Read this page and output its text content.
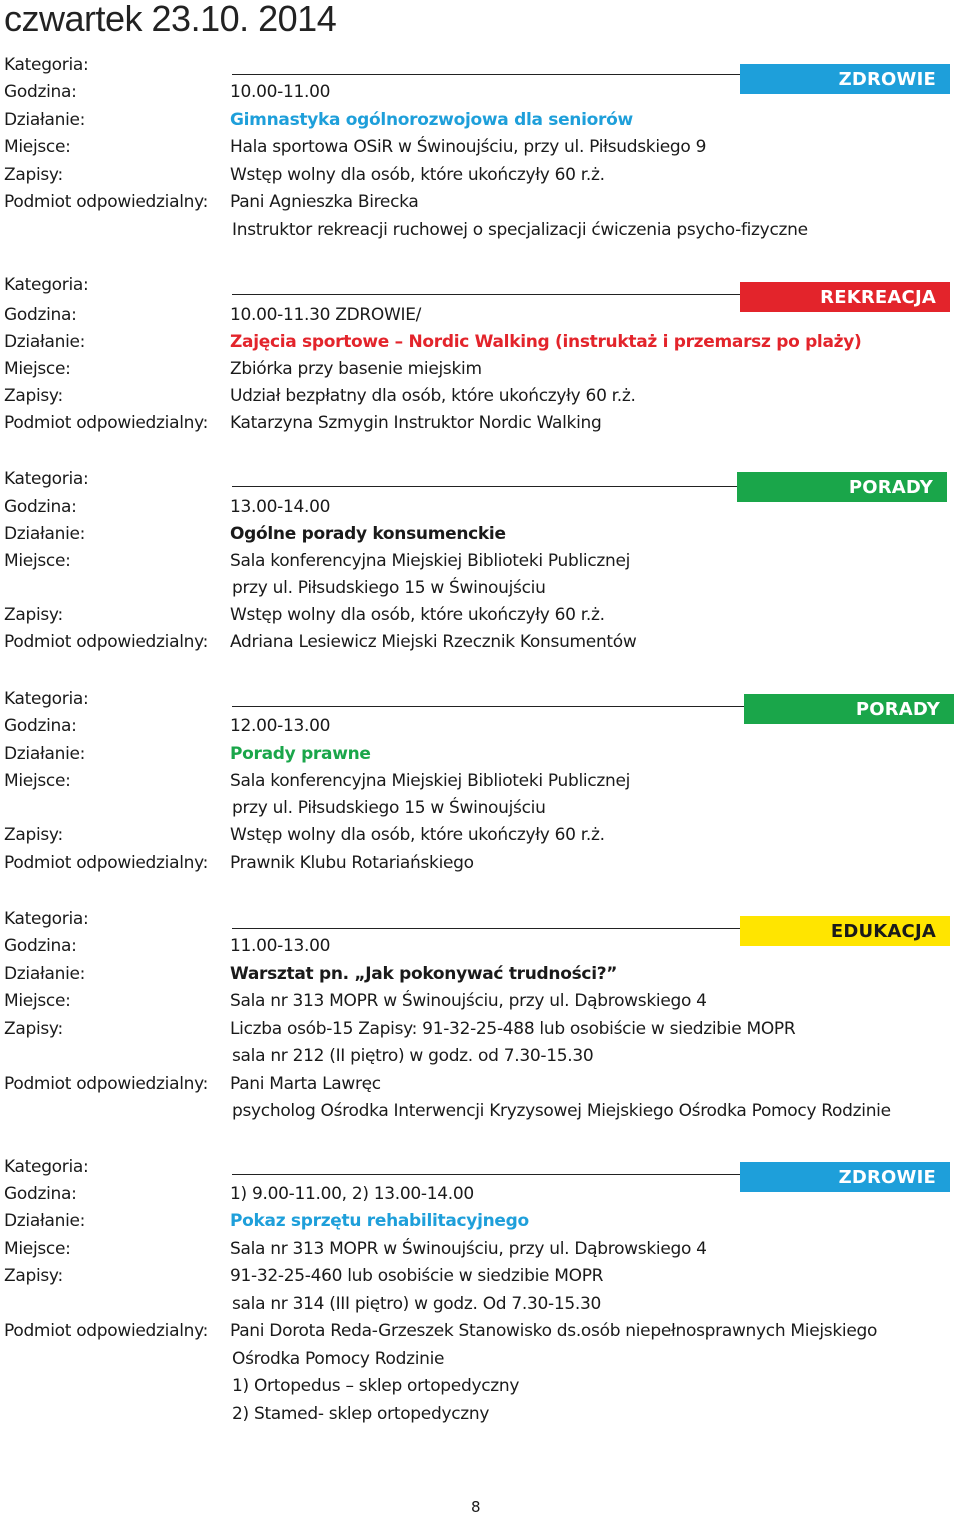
czwartek 23.10. 2014
Kategoria:
ZDROWIE
Godzina:	10.00-11.00
Działanie:	Gimnastyka ogólnorozwojowa dla seniorów
Miejsce:	Hala sportowa OSiR w Świnoujściu, przy ul. Piłsudskiego 9
Zapisy:	Wstęp wolny dla osób, które ukończyły 60 r.ż.
Podmiot odpowiedzialny: Pani Agnieszka Birecka
Instruktor rekreacji ruchowej o specjalizacji ćwiczenia psycho-fizyczne
Kategoria:
REKREACJA
Godzina:	10.00-11.30 ZDROWIE/
Działanie:	Zajęcia sportowe – Nordic Walking (instruktaż i przemarsz po plaży)
Miejsce:	Zbiórka przy basenie miejskim
Zapisy:	Udział bezpłatny dla osób, które ukończyły 60 r.ż.
Podmiot odpowiedzialny: Katarzyna Szmygin Instruktor Nordic Walking
Kategoria:	PORADY
Godzina:	13.00-14.00
Działanie:	Ogólne porady konsumenckie
Miejsce:	Sala konferencyjna Miejskiej Biblioteki Publicznej
przy ul. Piłsudskiego 15 w Świnoujściu
Zapisy:	Wstęp wolny dla osób, które ukończyły 60 r.ż.
Podmiot odpowiedzialny: Adriana Lesiewicz Miejski Rzecznik Konsumentów
Kategoria:	PORADY
Godzina:	12.00-13.00
Działanie:	Porady prawne
Miejsce:	Sala konferencyjna Miejskiej Biblioteki Publicznej
przy ul. Piłsudskiego 15 w Świnoujściu
Zapisy:	Wstęp wolny dla osób, które ukończyły 60 r.ż.
Podmiot odpowiedzialny: Prawnik Klubu Rotariańskiego
Kategoria:
EDUKACJA
Godzina:	11.00-13.00
Działanie:	Warsztat pn. „Jak pokonywać trudności?”
Miejsce:	Sala nr 313 MOPR w Świnoujściu, przy ul. Dąbrowskiego 4
Zapisy:	Liczba osób-15 Zapisy: 91-32-25-488 lub osobiście w siedzibie MOPR
sala nr 212 (II piętro) w godz. od 7.30-15.30
Podmiot odpowiedzialny: Pani Marta Lawręc
psycholog Ośrodka Interwencji Kryzysowej Miejskiego Ośrodka Pomocy Rodzinie
Kategoria:	ZDROWIE
Godzina:	1) 9.00-11.00, 2) 13.00-14.00
Działanie:	Pokaz sprzętu rehabilitacyjnego
Miejsce:	Sala nr 313 MOPR w Świnoujściu, przy ul. Dąbrowskiego 4
Zapisy:	91-32-25-460 lub osobiście w siedzibie MOPR
sala nr 314 (III piętro) w godz. Od 7.30-15.30
Podmiot odpowiedzialny: Pani Dorota Reda-Grzeszek Stanowisko ds.osób niepełnosprawnych Miejskiego
Ośrodka Pomocy Rodzinie
1) Ortopedus – sklep ortopedyczny
2) Stamed- sklep ortopedyczny
8
